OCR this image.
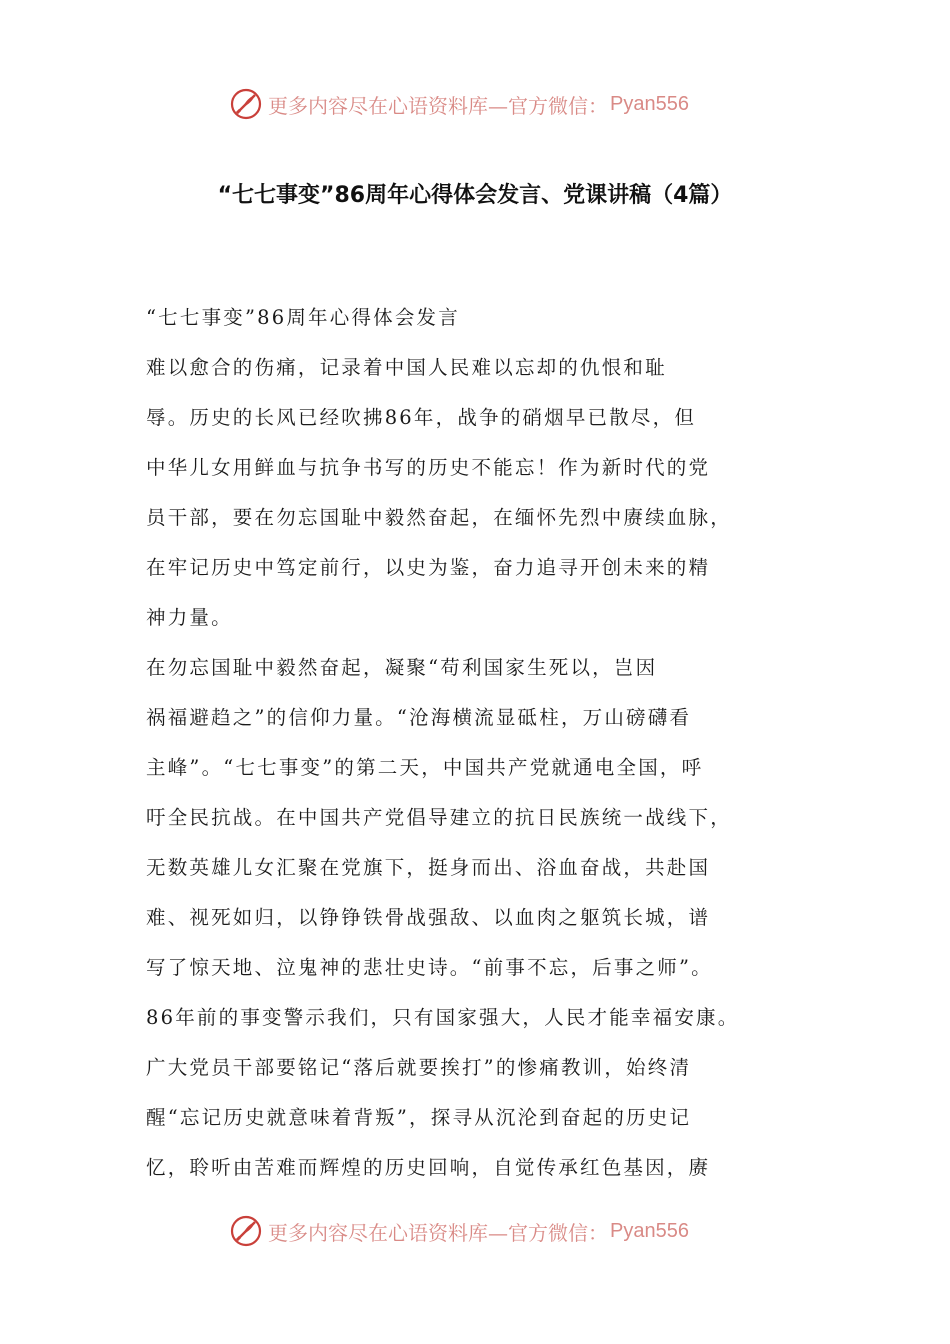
更多内容尽在心语资料库—官方微信： Pyan556
“七七事变”86周年心得体会发言、党课讲稿（4篇）
“七七事变”86周年心得体会发言
难以愈合的伤痛，记录着中国人民难以忘却的仇恨和耻
辱。历史的长风已经吹拂86年，战争的硝烟早已散尽，但
中华儿女用鲜血与抗争书写的历史不能忘！作为新时代的党
员干部，要在勿忘国耻中毅然奋起，在缅怀先烈中赓续血脉，
在牢记历史中笃定前行，以史为鉴，奋力追寻开创未来的精
神力量。
在勿忘国耻中毅然奋起，凝聚“苟利国家生死以，岂因
祸福避趋之”的信仰力量。“沧海横流显砥柱，万山磅礴看
主峰”。“七七事变”的第二天，中国共产党就通电全国，呼
吁全民抗战。在中国共产党倡导建立的抗日民族统一战线下，
无数英雄儿女汇聚在党旗下，挺身而出、浴血奋战，共赴国
难、视死如归，以铮铮铁骨战强敌、以血肉之躯筑长城，谱
写了惊天地、泣鬼神的悲壮史诗。“前事不忘，后事之师”。
86年前的事变警示我们，只有国家强大，人民才能幸福安康。
广大党员干部要铭记“落后就要挨打”的惨痛教训，始终清
醒“忘记历史就意味着背叛”，探寻从沉沦到奋起的历史记
忆，聆听由苦难而辉煌的历史回响，自觉传承红色基因，赓
更多内容尽在心语资料库—官方微信： Pyan556
